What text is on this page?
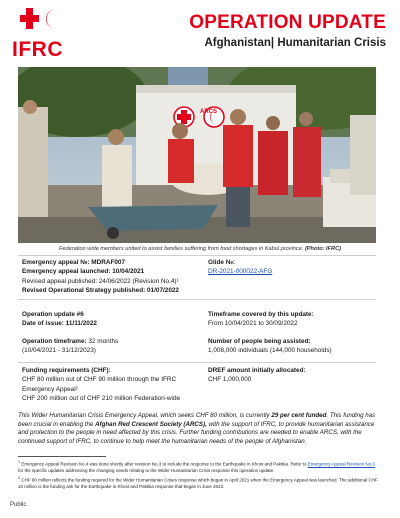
IFRC
OPERATION UPDATE
Afghanistan| Humanitarian Crisis
ARCS
Federation wide members united to assist families suffering from food shortages in Kabul province. (Photo: IFRC)
Emergency appeal №: MDRAF007
Emergency appeal launched: 10/04/2021
Revised appeal published: 24/06/2022 (Revision No.4)¹
Revised Operational Strategy published: 01/07/2022
Glide №:
DR-2021-000022-AFG
Operation update #6
Date of issue: 11/11/2022
Timeframe covered by this update:
From 10/04/2021 to 30/09/2022
Operation timeframe: 32 months
(10/04/2021 - 31/12/2023)
Number of people being assisted:
1,008,000 individuals (144,000 households)
Funding requirements (CHF):
CHF 80 million out of CHF 90 million through the IFRC Emergency Appeal²
CHF 200 million out of CHF 210 million Federation-wide
DREF amount initially allocated:
CHF 1,000,000
This Wider Humanitarian Crisis Emergency Appeal, which seeks CHF 80 million, is currently 29 per cent funded. This funding has been crucial in enabling the Afghan Red Crescent Society (ARCS), with the support of IFRC, to provide humanitarian assistance and protection to the people in need affected by this crisis. Further funding contributions are needed to enable ARCS, with the continued support of IFRC, to continue to help meet the humanitarian needs of the people of Afghanistan.
$^1$ Emergency Appeal Revision No.4 was done shortly after revision No.3 to include the response to the Earthquake in Khost and Paktika. Refer to Emergency Appeal Revision No.3 for the specific updates addressing the changing needs relating to the Wider Humanitarian Crisis response this operation update.
$^2$ CHF 80 million reflects the funding required for the Wider Humanitarian Crises response which began in April 2021 when the Emergency Appeal was launched. The additional CHF 10 million is the funding ask for the Earthquake in Khost and Paktika response that began in June 2022.
Public
